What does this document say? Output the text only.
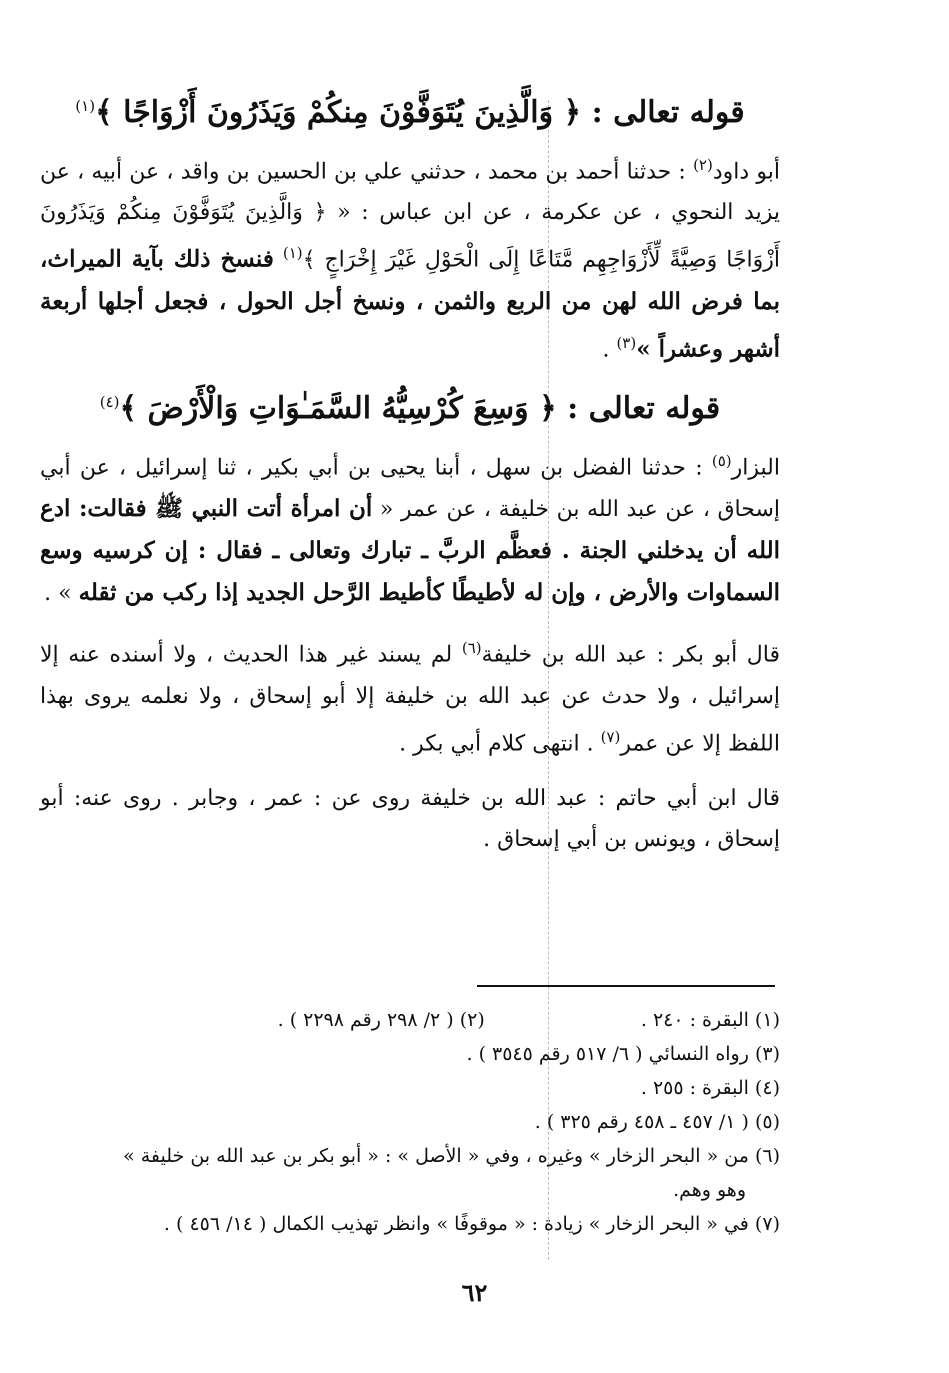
قوله تعالى : ﴿ وَالَّذِينَ يُتَوَفَّوْنَ مِنكُمْ وَيَذَرُونَ أَزْوَاجًا ﴾$^{(١)}$

أبو داود$^{(٢)}$ : حدثنا أحمد بن محمد ، حدثني علي بن الحسين بن واقد ، عن أبيه ، عن يزيد النحوي ، عن عكرمة ، عن ابن عباس : « ﴿ وَالَّذِينَ يُتَوَفَّوْنَ مِنكُمْ وَيَذَرُونَ أَزْوَاجًا وَصِيَّةً لِّأَزْوَاجِهِم مَّتَاعًا إِلَى الْحَوْلِ غَيْرَ إِخْرَاجٍ ﴾$^{(١)}$ فنسخ ذلك بآية الميراث، بما فرض الله لهن من الربع والثمن ، ونسخ أجل الحول ، فجعل أجلها أربعة أشهر وعشراً »$^{(٣)}$ .

قوله تعالى : ﴿ وَسِعَ كُرْسِيُّهُ السَّمَـٰوَاتِ وَالْأَرْضَ ﴾$^{(٤)}$

البزار$^{(٥)}$ : حدثنا الفضل بن سهل ، أبنا يحيى بن أبي بكير ، ثنا إسرائيل ، عن أبي إسحاق ، عن عبد الله بن خليفة ، عن عمر « أن امرأة أتت النبي ﷺ فقالت: ادع الله أن يدخلني الجنة . فعظَّم الربَّ ـ تبارك وتعالى ـ فقال : إن كرسيه وسع السماوات والأرض ، وإن له لأطيطًا كأطيط الرَّحل الجديد إذا ركب من ثقله » .

قال أبو بكر : عبد الله بن خليفة$^{(٦)}$ لم يسند غير هذا الحديث ، ولا أسنده عنه إلا إسرائيل ، ولا حدث عن عبد الله بن خليفة إلا أبو إسحاق ، ولا نعلمه يروى بهذا اللفظ إلا عن عمر$^{(٧)}$ . انتهى كلام أبي بكر .

قال ابن أبي حاتم : عبد الله بن خليفة روى عن : عمر ، وجابر . روى عنه: أبو إسحاق ، ويونس بن أبي إسحاق .

(١) البقرة : ٢٤٠ . (٢) ( ٢/ ٢٩٨ رقم ٢٢٩٨ ) .
(٣) رواه النسائي ( ٦/ ٥١٧ رقم ٣٥٤٥ ) .
(٤) البقرة : ٢٥٥ .
(٥) ( ١/ ٤٥٧ ـ ٤٥٨ رقم ٣٢٥ ) .
(٦) من « البحر الزخار » وغيره ، وفي « الأصل » : « أبو بكر بن عبد الله بن خليفة »
وهو وهم.
(٧) في « البحر الزخار » زيادة : « موقوفًا » وانظر تهذيب الكمال ( ١٤/ ٤٥٦ ) .
٦٢
